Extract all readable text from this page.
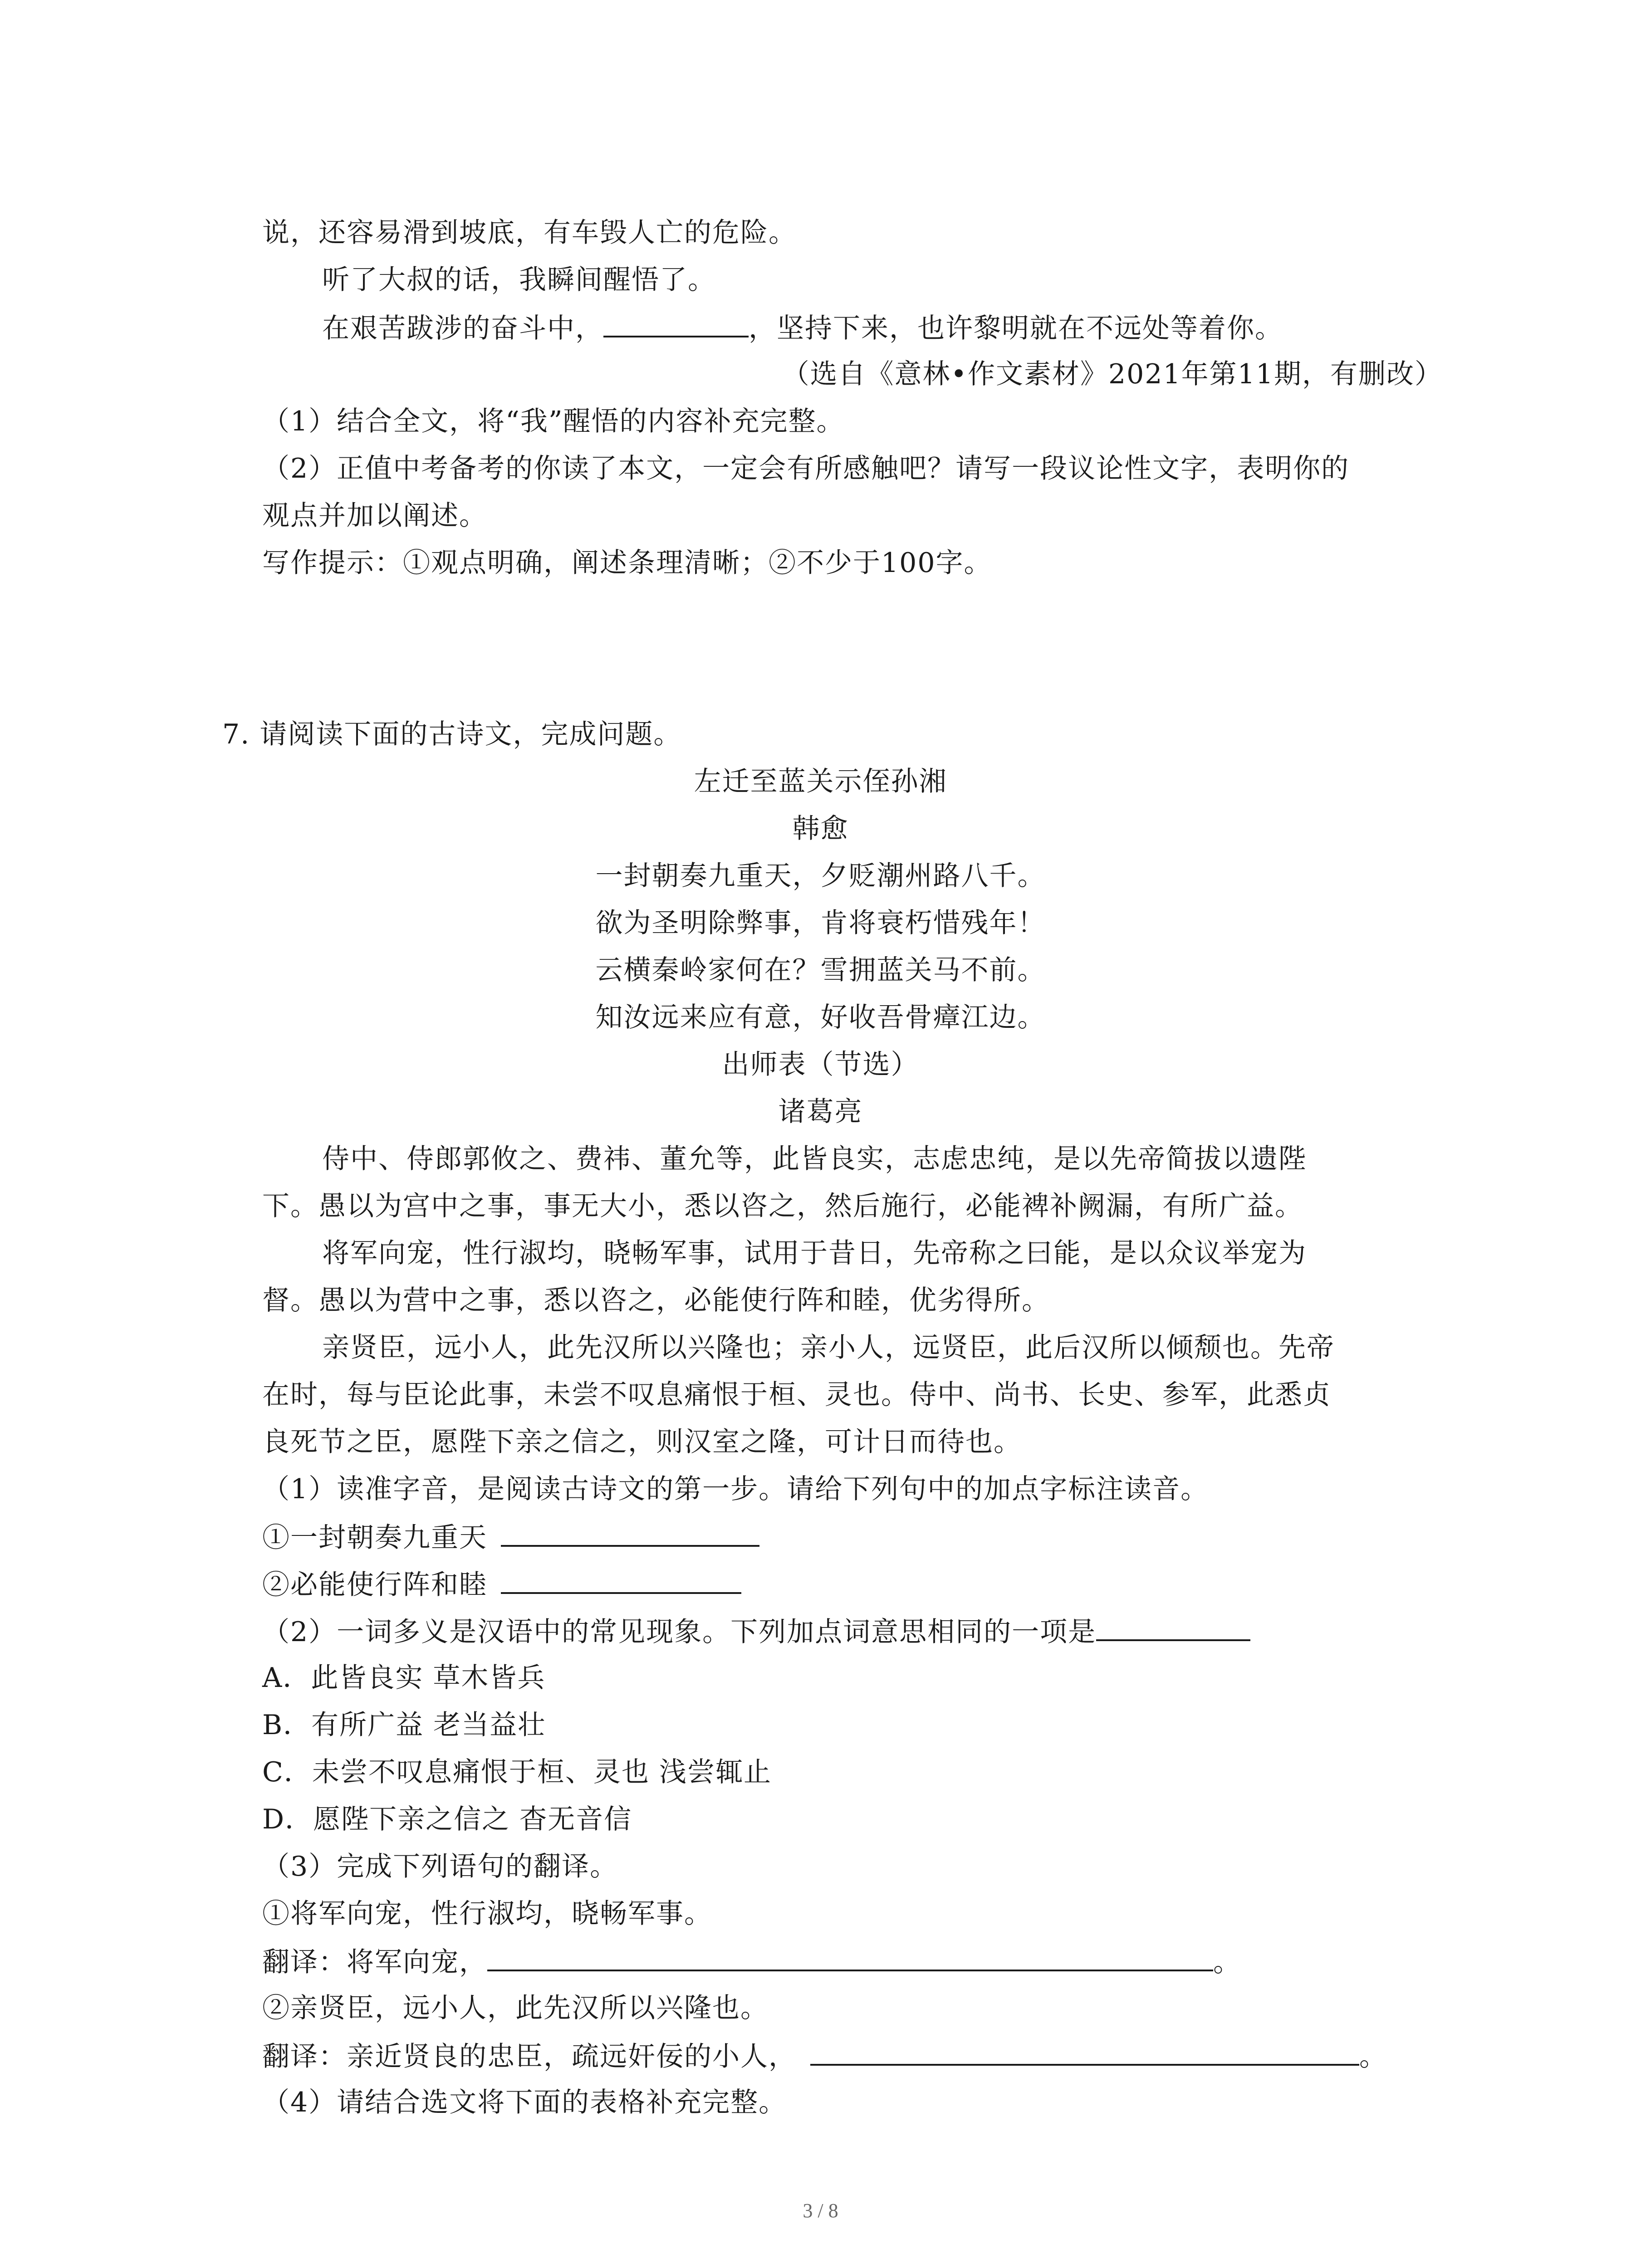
说，还容易滑到坡底，有车毁人亡的危险。
听了大叔的话，我瞬间醒悟了。
在艰苦跋涉的奋斗中，	，坚持下来，也许黎明就在不远处等着你。
（选自《意林•作文素材》2021年第11期，有删改）
（1）结合全文，将“我”醒悟的内容补充完整。
（2）正值中考备考的你读了本文，一定会有所感触吧？请写一段议论性文字，表明你的
观点并加以阐述。
写作提示：①观点明确，阐述条理清晰；②不少于100字。
7. 请阅读下面的古诗文，完成问题。
左迁至蓝关示侄孙湘
韩愈
一封朝奏九重天，夕贬潮州路八千。
欲为圣明除弊事，肯将衰朽惜残年！
云横秦岭家何在？雪拥蓝关马不前。
知汝远来应有意，好收吾骨瘴江边。
出师表（节选）
诸葛亮
侍中、侍郎郭攸之、费祎、董允等，此皆良实，志虑忠纯，是以先帝简拔以遗陛
下。愚以为宫中之事，事无大小，悉以咨之，然后施行，必能裨补阙漏，有所广益。
将军向宠，性行淑均，晓畅军事，试用于昔日，先帝称之曰能，是以众议举宠为
督。愚以为营中之事，悉以咨之，必能使行阵和睦，优劣得所。
亲贤臣，远小人，此先汉所以兴隆也；亲小人，远贤臣，此后汉所以倾颓也。先帝
在时，每与臣论此事，未尝不叹息痛恨于桓、灵也。侍中、尚书、长史、参军，此悉贞
良死节之臣，愿陛下亲之信之，则汉室之隆，可计日而待也。
（1）读准字音，是阅读古诗文的第一步。请给下列句中的加点字标注读音。
①一封朝奏九重天
②必能使行阵和睦
（2）一词多义是汉语中的常见现象。下列加点词意思相同的一项是
A．此皆良实 草木皆兵
B．有所广益 老当益壮
C．未尝不叹息痛恨于桓、灵也 浅尝辄止
D．愿陛下亲之信之 杳无音信
（3）完成下列语句的翻译。
①将军向宠，性行淑均，晓畅军事。
翻译：将军向宠，	。
②亲贤臣，远小人，此先汉所以兴隆也。
翻译：亲近贤良的忠臣，疏远奸佞的小人，	。
（4）请结合选文将下面的表格补充完整。
3 / 8
